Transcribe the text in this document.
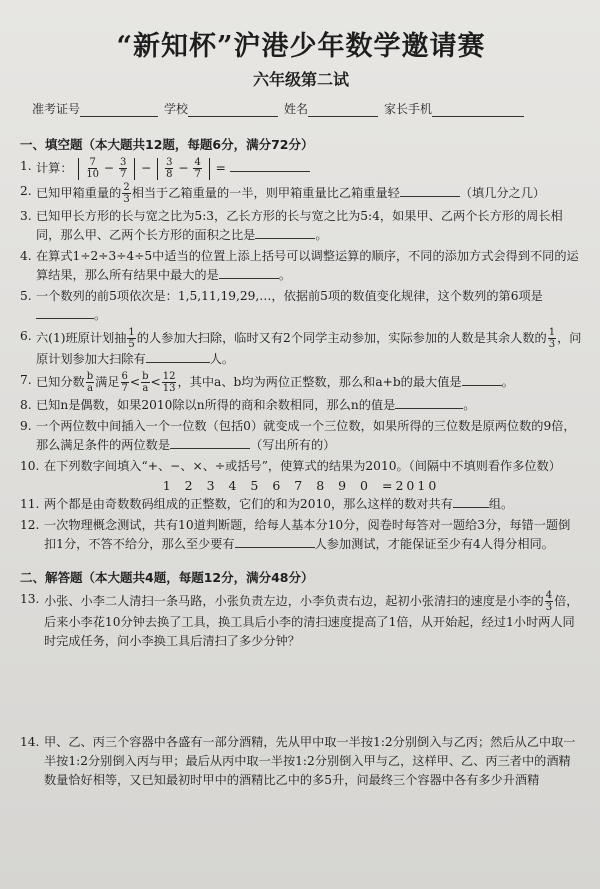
“新知杯”沪港少年数学邀请赛
六年级第二试
准考证号	学校	姓名	家长手机
一、填空题（本大题共12题，每题6分，满分72分）
1. 计算： $\frac{7}{10} - \frac{3}{7} - \frac{3}{8} - \frac{4}{7}$ =
2. 已知甲箱重量的 $\frac{2}{3}$ 相当于乙箱重量的一半，则甲箱重量比乙箱重量轻	（填几分之几）
3. 已知甲长方形的长与宽之比为5:3，乙长方形的长与宽之比为5:4，如果甲、乙两个长方形的周长相同，那么甲、乙两个长方形的面积之比是	。
4. 在算式1÷2÷3÷4÷5中适当的位置上添上括号可以调整运算的顺序，不同的添加方式会得到不同的运算结果，那么所有结果中最大的是	。
5. 一个数列的前5项依次是：1,5,11,19,29,…，依据前5项的数值变化规律，这个数列的第6项是。
6. 六(1)班原计划抽 $\frac{1}{5}$ 的人参加大扫除，临时又有2个同学主动参加，实际参加的人数是其余人数的 $\frac{1}{3}$ ，问原计划参加大扫除有	人。
7. 已知分数 $\frac{b}{a}$ 满足 $\frac{6}{7} < \frac{b}{a} < \frac{12}{13}$ ，其中a、b均为两位正整数，那么和a+b的最大值是	。
8. 已知n是偶数，如果2010除以n所得的商和余数相同，那么n的值是	。
9. 一个两位数中间插入一个一位数（包括0）就变成一个三位数，如果所得的三位数是原两位数的9倍，那么满足条件的两位数是	（写出所有的）
10. 在下列数字间填入“+、−、×、÷或括号”，使算式的结果为2010。（间隔中不填则看作多位数）
1 2 3 4 5 6 7 8 9 0 =2010
11. 两个都是由奇数数码组成的正整数，它们的和为2010，那么这样的数对共有	组。
12. 一次物理概念测试，共有10道判断题，给每人基本分10分，阅卷时每答对一题给3分，每错一题倒扣1分，不答不给分，那么至少要有	人参加测试，才能保证至少有4人得分相同。
二、解答题（本大题共4题，每题12分，满分48分）
13. 小张、小李二人清扫一条马路，小张负责左边，小李负责右边，起初小张清扫的速度是小李的 $\frac{4}{3}$ 倍，后来小李花10分钟去换了工具，换工具后小李的清扫速度提高了1倍，从开始起，经过1小时两人同时完成任务，问小李换工具后清扫了多少分钟？
14. 甲、乙、丙三个容器中各盛有一部分酒精，先从甲中取一半按1:2分别倒入与乙丙；然后从乙中取一半按1:2分别倒入丙与甲；最后从丙中取一半按1:2分别倒入甲与乙，这样甲、乙、丙三者中的酒精数量恰好相等，又已知最初时甲中的酒精比乙中的多5升，问最终三个容器中各有多少升酒精
